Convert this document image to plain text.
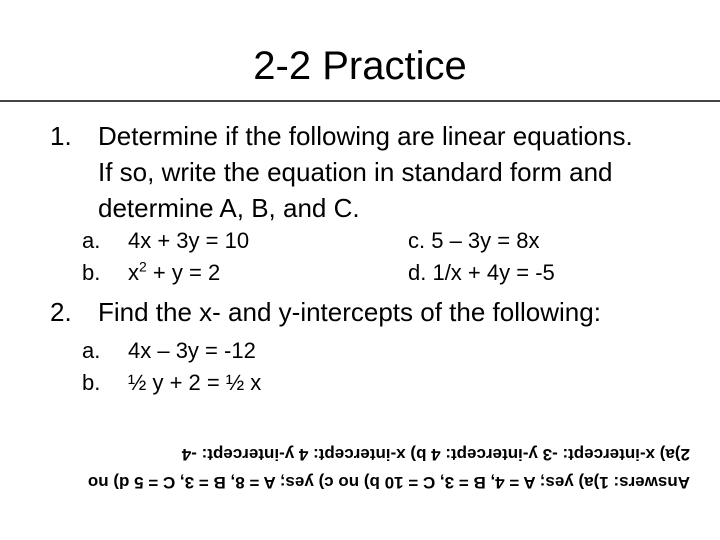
2-2 Practice
1. Determine if the following are linear equations.
If so, write the equation in standard form and
determine A, B, and C.
a. 4x + 3y = 10
b. $x^2 + y = 2$
c. 5 – 3y = 8x
d. 1/x + 4y = -5
2. Find the x- and y-intercepts of the following:
a. 4x – 3y = -12
b. ½ y + 2 = ½ x
Answers: 1)a) yes; A = 4, B = 3, C = 10 b) no c) yes; A = 8, B = 3, C = 5 d) no
2)a) x-intercept: -3 y-intercept: 4 b) x-intercept: 4 y-intercept: -4
